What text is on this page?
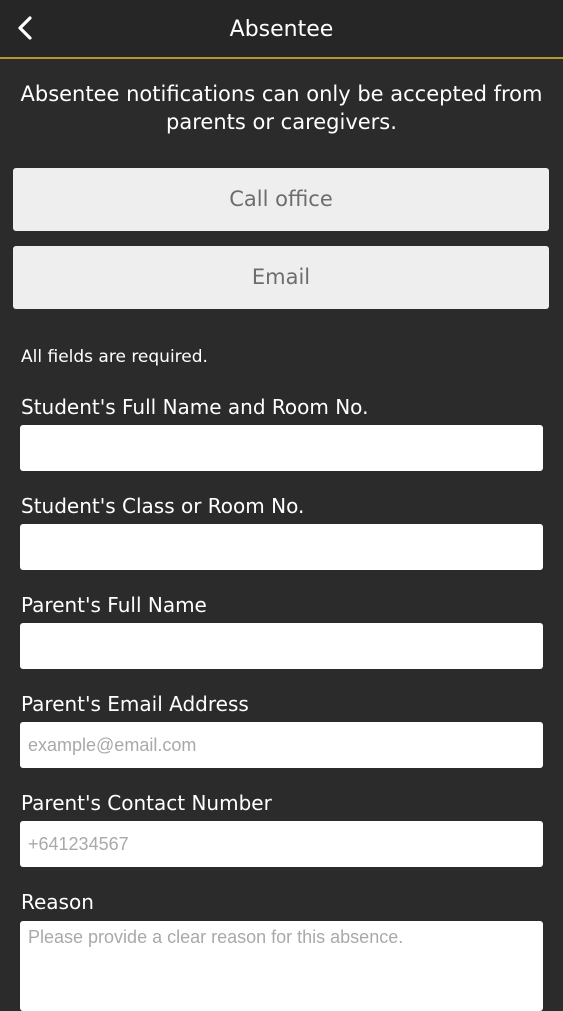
Absentee
Absentee notifications can only be accepted from parents or caregivers.
Call office
Email
All fields are required.
Student's Full Name and Room No.
Student's Class or Room No.
Parent's Full Name
Parent's Email Address
example@email.com
Parent's Contact Number
+641234567
Reason
Please provide a clear reason for this absence.
